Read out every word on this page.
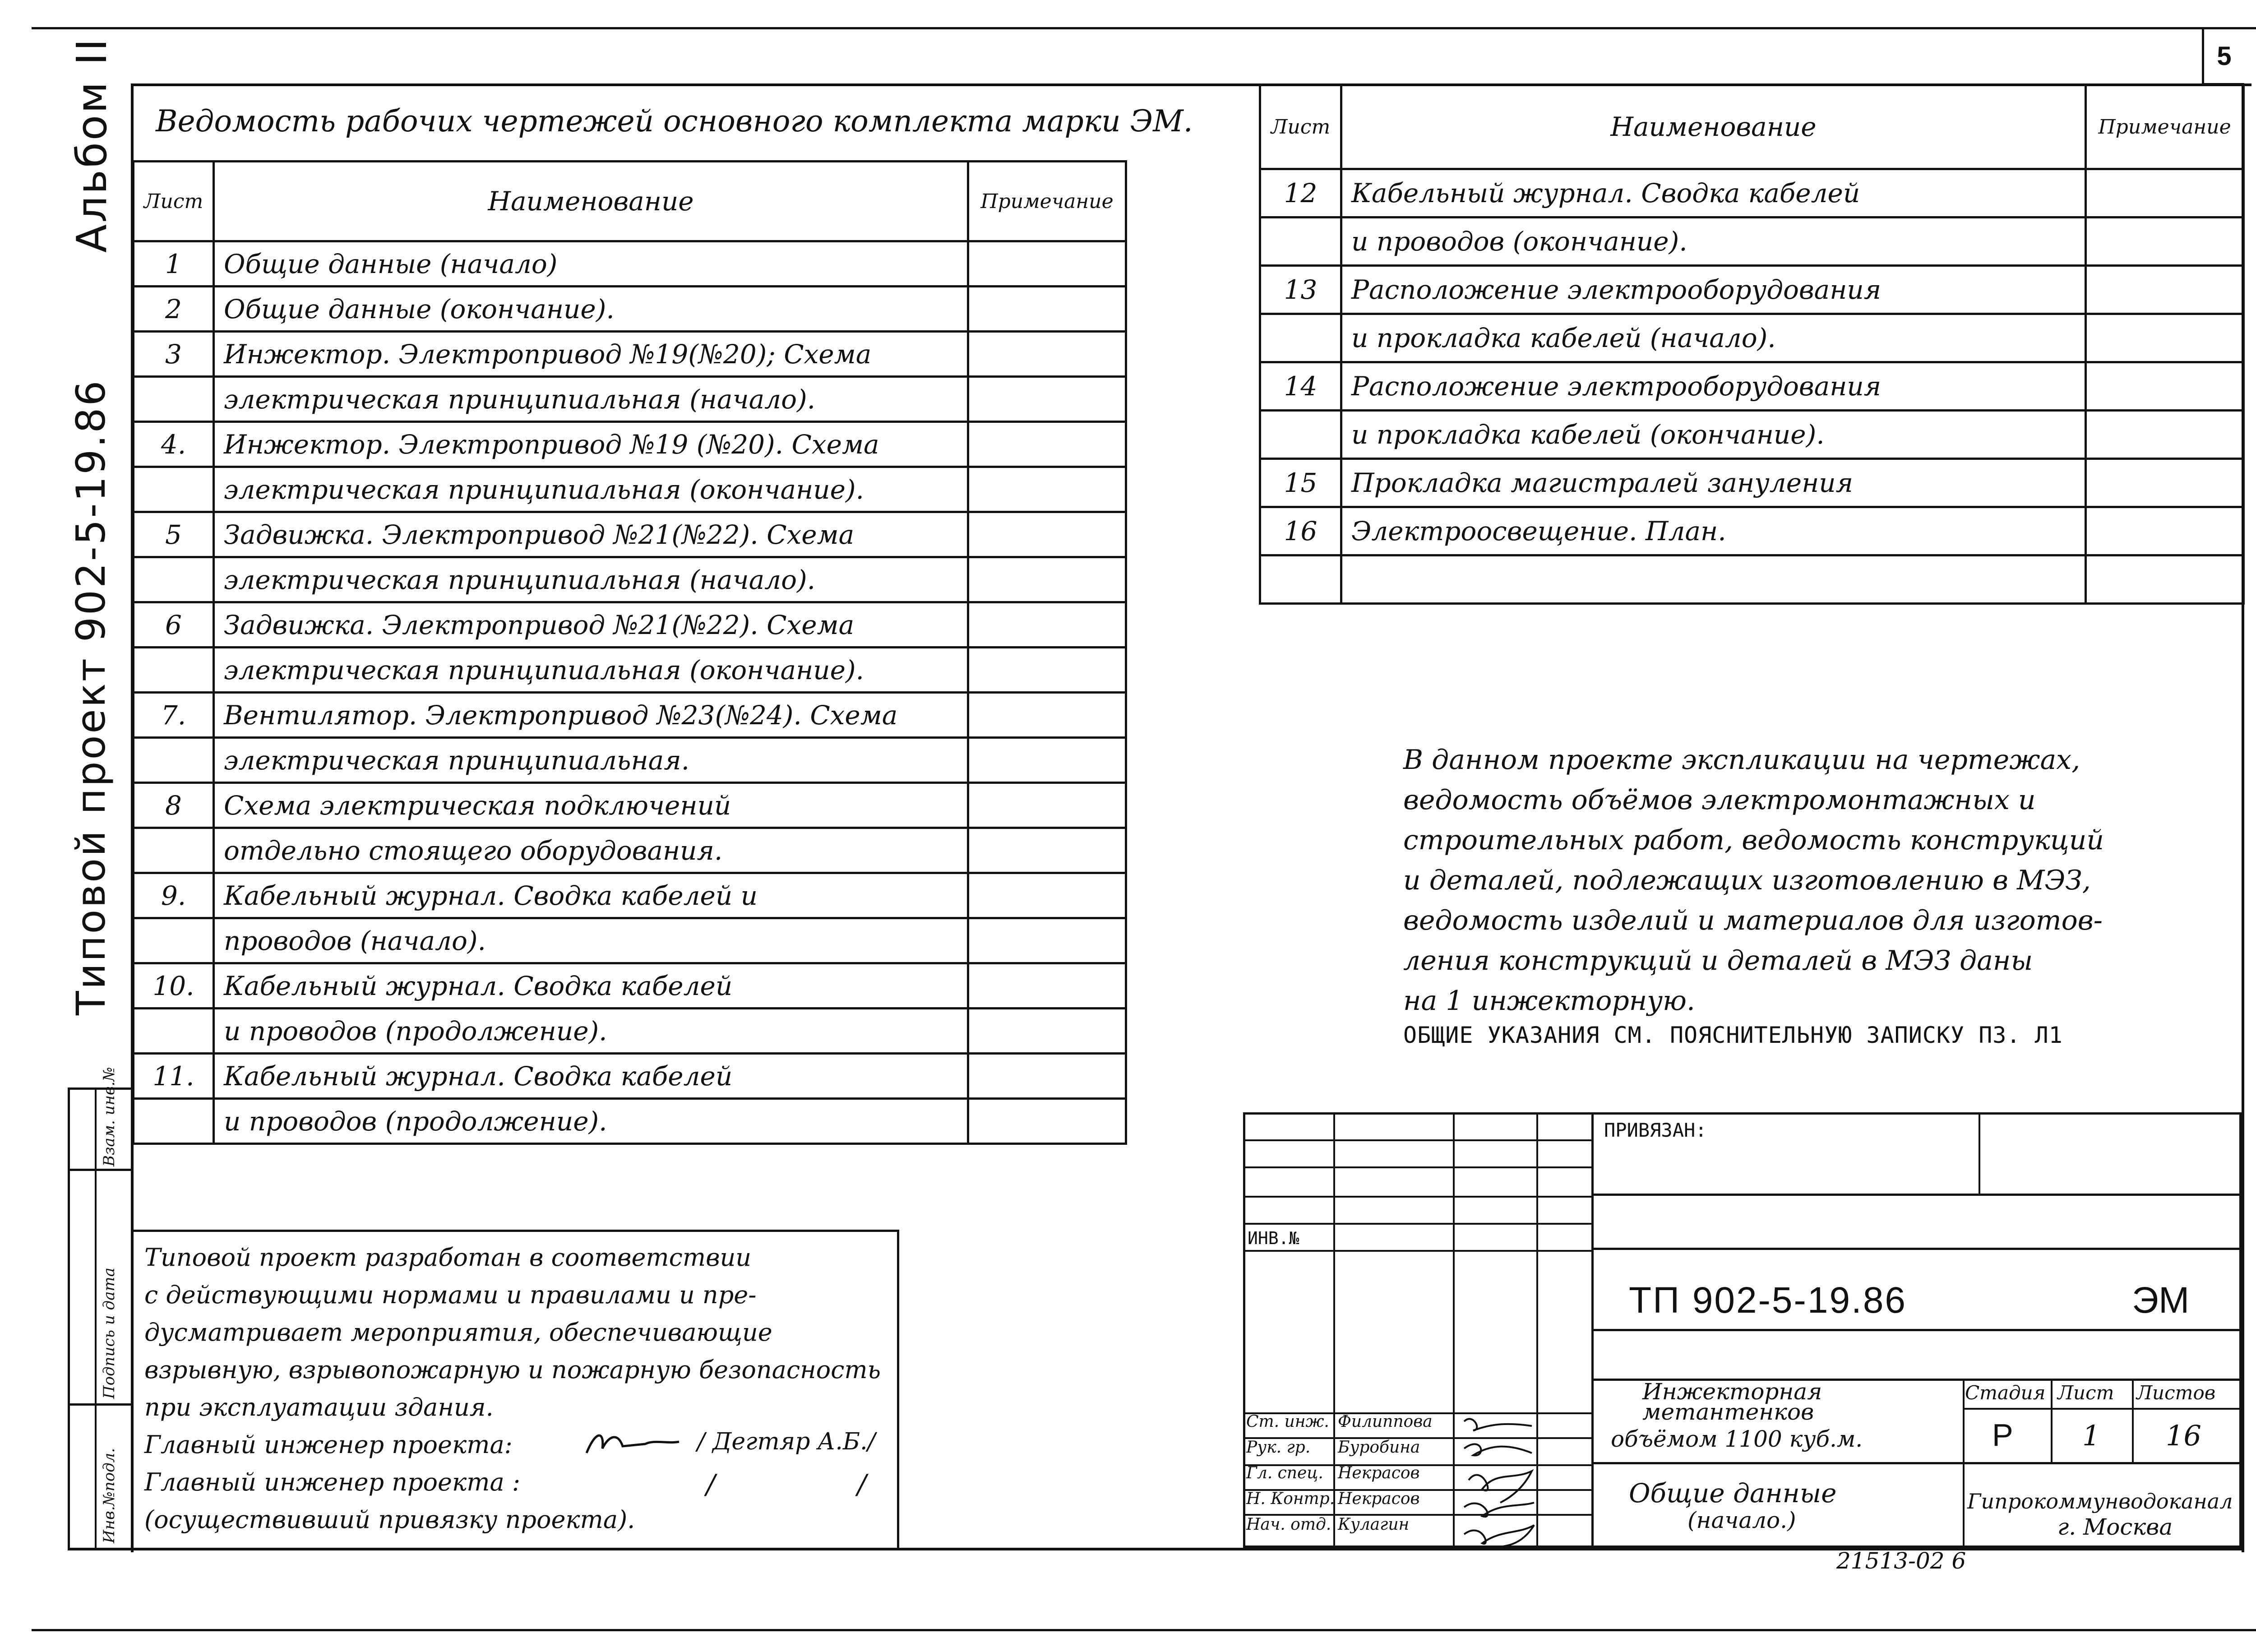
5
Альбом II
Типовой проект 902-5-19.86
Взам. инв.№
Подпись и дата
Инв.№подл.
Ведомость рабочих чертежей основного комплекта марки ЭМ.
Лист	Наименование	Примечание
1	Общие данные (начало)	
2	Общие данные (окончание).	
3	Инжектор. Электропривод №19(№20); Схема	
	электрическая принципиальная (начало).	
4.	Инжектор. Электропривод №19 (№20). Схема	
	электрическая принципиальная (окончание).	
5	Задвижка. Электропривод №21(№22). Схема	
	электрическая принципиальная (начало).	
6	Задвижка. Электропривод №21(№22). Схема	
	электрическая принципиальная (окончание).	
7.	Вентилятор. Электропривод №23(№24). Схема	
	электрическая принципиальная.	
8	Схема электрическая подключений	
	отдельно стоящего оборудования.	
9.	Кабельный журнал. Сводка кабелей и	
	проводов (начало).	
10.	Кабельный журнал. Сводка кабелей	
	и проводов (продолжение).	
11.	Кабельный журнал. Сводка кабелей	
	и проводов (продолжение).	
Лист	Наименование	Примечание
12	Кабельный журнал. Сводка кабелей	
	и проводов (окончание).	
13	Расположение электрооборудования	
	и прокладка кабелей (начало).	
14	Расположение электрооборудования	
	и прокладка кабелей (окончание).	
15	Прокладка магистралей зануления	
16	Электроосвещение. План.	

В данном проекте экспликации на чертежах,
ведомость объёмов электромонтажных и
строительных работ, ведомость конструкций
и деталей, подлежащих изготовлению в МЭЗ,
ведомость изделий и материалов для изготов-
ления конструкций и деталей в МЭЗ даны
на 1 инжекторную.
ОБЩИЕ УКАЗАНИЯ СМ. ПОЯСНИТЕЛЬНУЮ ЗАПИСКУ ПЗ. Л1
Типовой проект разработан в соответствии
с действующими нормами и правилами и пре-
дусматривает мероприятия, обеспечивающие
взрывную, взрывопожарную и пожарную безопасность
при эксплуатации здания.
Главный инженер проекта:
Главный инженер проекта :
(осуществивший привязку проекта).
/ Дегтяр А.Б./
/	/
ПРИВЯЗАН:
ИНВ.№
ТП 902-5-19.86	ЭМ
Инжекторная
метантенков
объёмом 1100 куб.м.
Стадия Лист Листов
Р 1 16
Общие данные
(начало.)
Гипрокоммунводоканал
г. Москва
Ст. инж. Филиппова
Рук. гр. Буробина
Гл. спец. Некрасов
Н. Контр. Некрасов
Нач. отд. Кулагин
21513-02 6
